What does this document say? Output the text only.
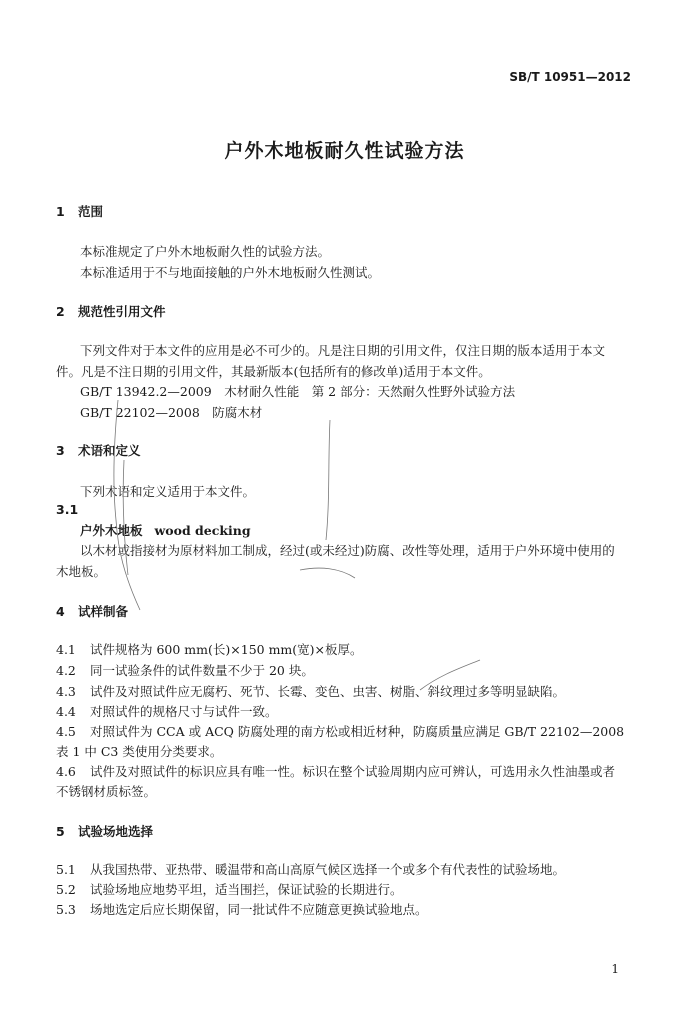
SB/T 10951—2012
户外木地板耐久性试验方法
1 范围
本标准规定了户外木地板耐久性的试验方法。
本标准适用于不与地面接触的户外木地板耐久性测试。
2 规范性引用文件
下列文件对于本文件的应用是必不可少的。凡是注日期的引用文件，仅注日期的版本适用于本文
件。凡是不注日期的引用文件，其最新版本(包括所有的修改单)适用于本文件。
GB/T 13942.2—2009　木材耐久性能　第 2 部分：天然耐久性野外试验方法
GB/T 22102—2008　防腐木材
3 术语和定义
下列术语和定义适用于本文件。
3.1
户外木地板 wood decking
以木材或指接材为原材料加工制成，经过(或未经过)防腐、改性等处理，适用于户外环境中使用的
木地板。
4 试样制备
4.1 试件规格为 600 mm(长)×150 mm(宽)×板厚。
4.2 同一试验条件的试件数量不少于 20 块。
4.3 试件及对照试件应无腐朽、死节、长霉、变色、虫害、树脂、斜纹理过多等明显缺陷。
4.4 对照试件的规格尺寸与试件一致。
4.5 对照试件为 CCA 或 ACQ 防腐处理的南方松或相近材种，防腐质量应满足 GB/T 22102—2008
表 1 中 C3 类使用分类要求。
4.6 试件及对照试件的标识应具有唯一性。标识在整个试验周期内应可辨认，可选用永久性油墨或者
不锈钢材质标签。
5 试验场地选择
5.1 从我国热带、亚热带、暖温带和高山高原气候区选择一个或多个有代表性的试验场地。
5.2 试验场地应地势平坦，适当围拦，保证试验的长期进行。
5.3 场地选定后应长期保留，同一批试件不应随意更换试验地点。
1
